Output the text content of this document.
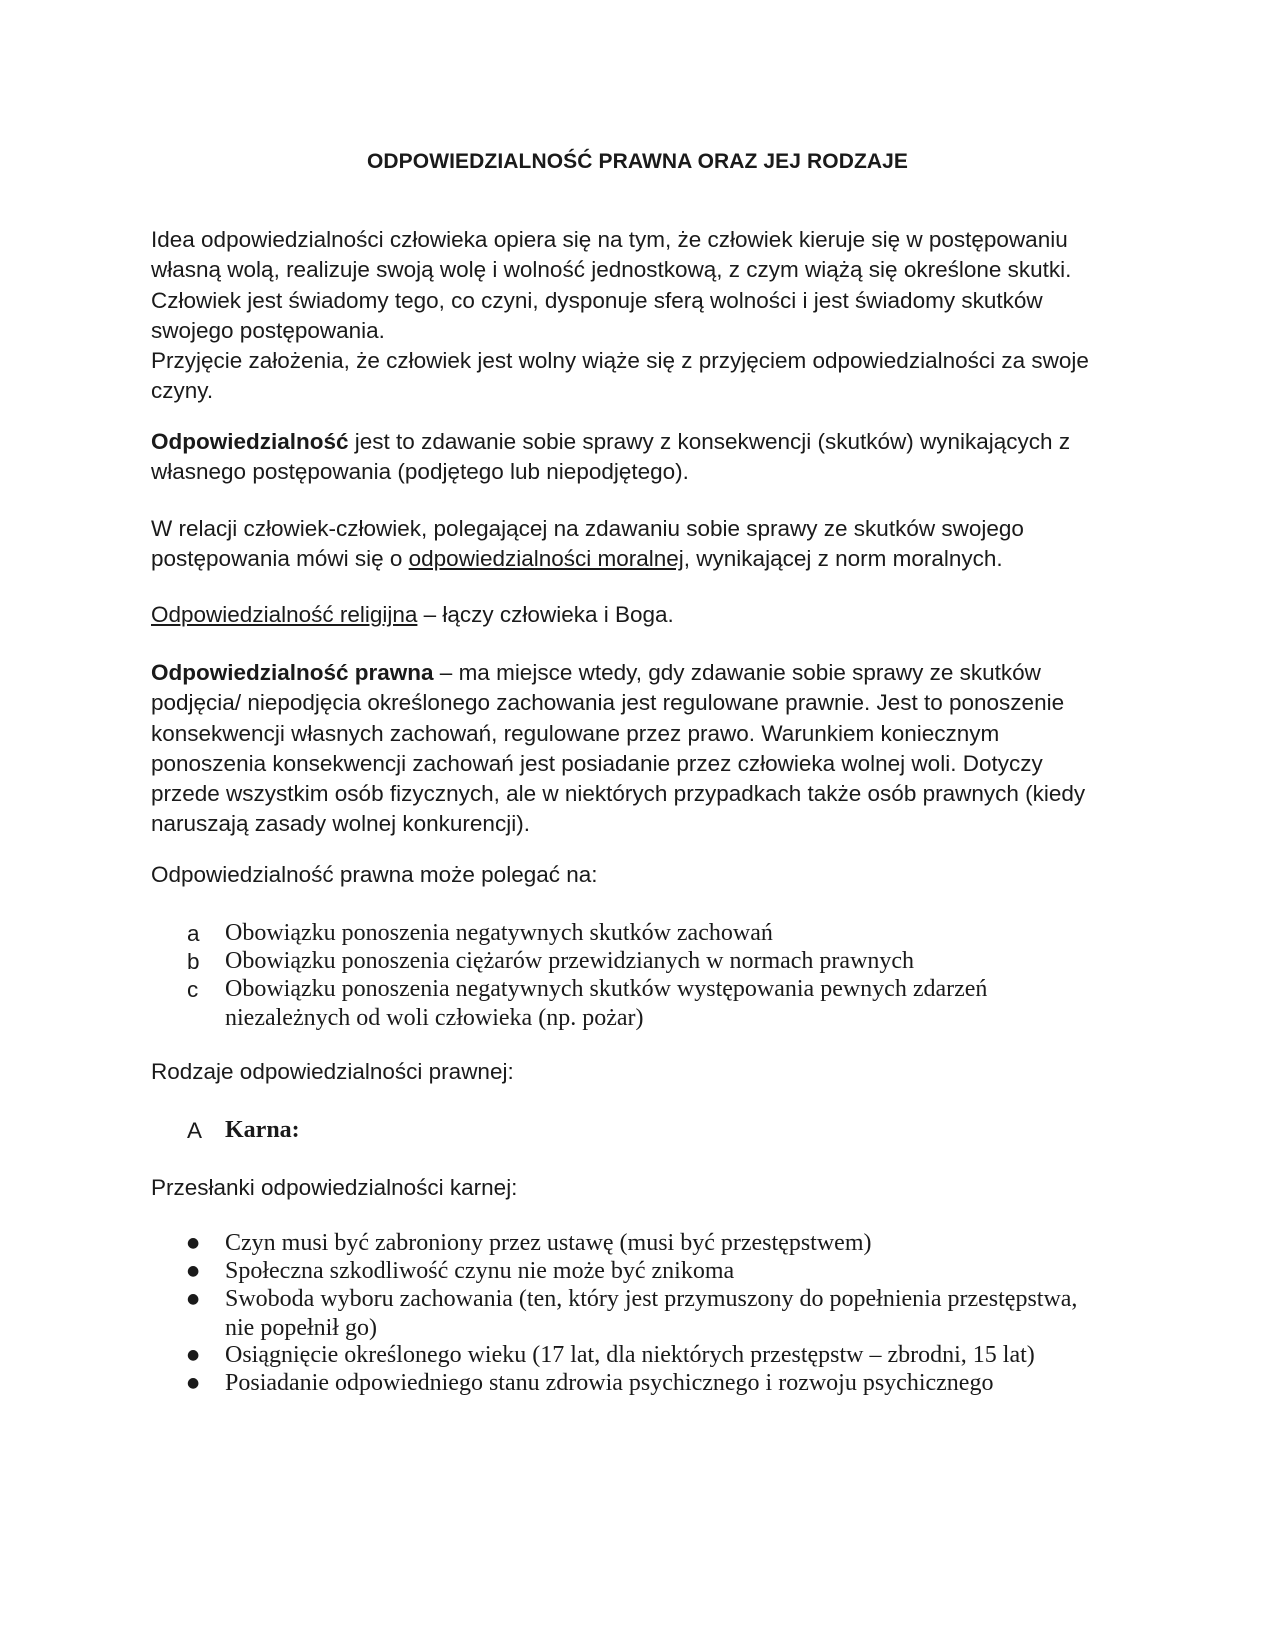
ODPOWIEDZIALNOŚĆ PRAWNA ORAZ JEJ RODZAJE
Idea odpowiedzialności człowieka opiera się na tym, że człowiek kieruje się w postępowaniu
własną wolą, realizuje swoją wolę i wolność jednostkową, z czym wiążą się określone skutki.
Człowiek jest świadomy tego, co czyni, dysponuje sferą wolności i jest świadomy skutków
swojego postępowania.
Przyjęcie założenia, że człowiek jest wolny wiąże się z przyjęciem odpowiedzialności za swoje
czyny.
Odpowiedzialność jest to zdawanie sobie sprawy z konsekwencji (skutków) wynikających z
własnego postępowania (podjętego lub niepodjętego).
W relacji człowiek-człowiek, polegającej na zdawaniu sobie sprawy ze skutków swojego
postępowania mówi się o odpowiedzialności moralnej, wynikającej z norm moralnych.
Odpowiedzialność religijna – łączy człowieka i Boga.
Odpowiedzialność prawna – ma miejsce wtedy, gdy zdawanie sobie sprawy ze skutków
podjęcia/ niepodjęcia określonego zachowania jest regulowane prawnie. Jest to ponoszenie
konsekwencji własnych zachowań, regulowane przez prawo. Warunkiem koniecznym
ponoszenia konsekwencji zachowań jest posiadanie przez człowieka wolnej woli. Dotyczy
przede wszystkim osób fizycznych, ale w niektórych przypadkach także osób prawnych (kiedy
naruszają zasady wolnej konkurencji).
Odpowiedzialność prawna może polegać na:
a	Obowiązku ponoszenia negatywnych skutków zachowań
b	Obowiązku ponoszenia ciężarów przewidzianych w normach prawnych
c	Obowiązku ponoszenia negatywnych skutków występowania pewnych zdarzeń
niezależnych od woli człowieka (np. pożar)
Rodzaje odpowiedzialności prawnej:
A Karna:
Przesłanki odpowiedzialności karnej:
●	Czyn musi być zabroniony przez ustawę (musi być przestępstwem)
●	Społeczna szkodliwość czynu nie może być znikoma
●	Swoboda wyboru zachowania (ten, który jest przymuszony do popełnienia przestępstwa,
nie popełnił go)
●	Osiągnięcie określonego wieku (17 lat, dla niektórych przestępstw – zbrodni, 15 lat)
●	Posiadanie odpowiedniego stanu zdrowia psychicznego i rozwoju psychicznego
